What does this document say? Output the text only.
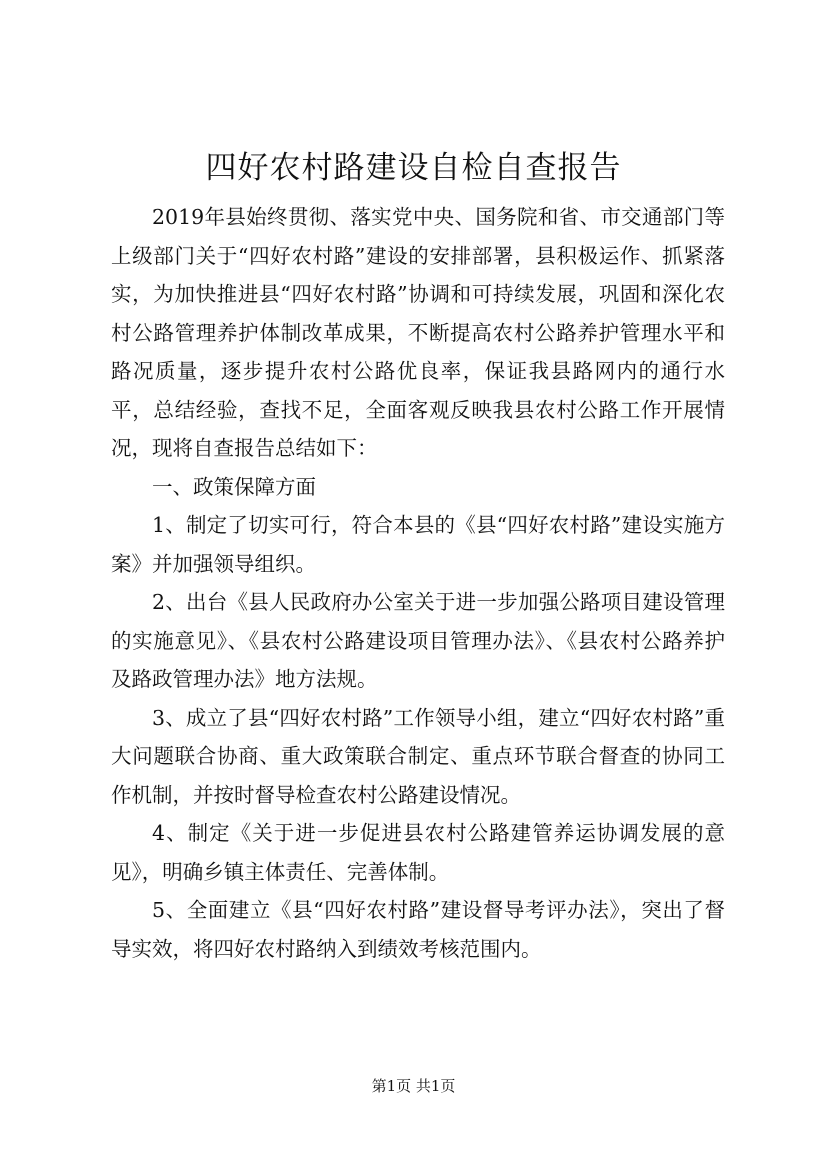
四好农村路建设自检自查报告

2019年县始终贯彻、落实党中央、国务院和省、市交通部门等上级部门关于“四好农村路”建设的安排部署，县积极运作、抓紧落实，为加快推进县“四好农村路”协调和可持续发展，巩固和深化农村公路管理养护体制改革成果，不断提高农村公路养护管理水平和路况质量，逐步提升农村公路优良率，保证我县路网内的通行水平，总结经验，查找不足，全面客观反映我县农村公路工作开展情况，现将自查报告总结如下：

一、政策保障方面

1、制定了切实可行，符合本县的《县“四好农村路”建设实施方案》并加强领导组织。

2、出台《县人民政府办公室关于进一步加强公路项目建设管理的实施意见》、《县农村公路建设项目管理办法》、《县农村公路养护及路政管理办法》地方法规。

3、成立了县“四好农村路”工作领导小组，建立“四好农村路”重大问题联合协商、重大政策联合制定、重点环节联合督查的协同工作机制，并按时督导检查农村公路建设情况。

4、制定《关于进一步促进县农村公路建管养运协调发展的意见》，明确乡镇主体责任、完善体制。

5、全面建立《县“四好农村路”建设督导考评办法》，突出了督导实效，将四好农村路纳入到绩效考核范围内。

第1页 共1页
